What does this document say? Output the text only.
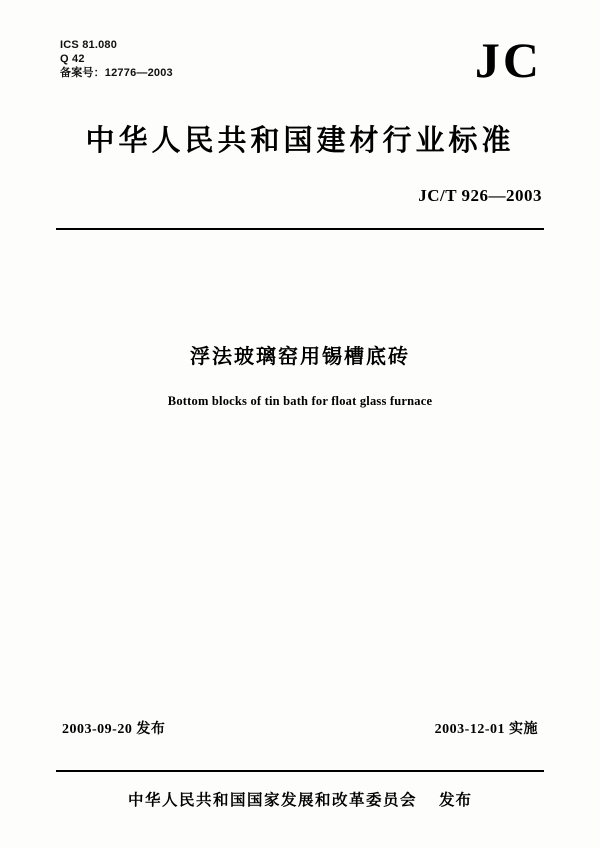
ICS 81.080
Q 42
备案号：12776—2003	JC
中华人民共和国建材行业标准
JC/T 926—2003
浮法玻璃窑用锡槽底砖
Bottom blocks of tin bath for float glass furnace
2003-09-20 发布	2003-12-01 实施
中华人民共和国国家发展和改革委员会 发布
